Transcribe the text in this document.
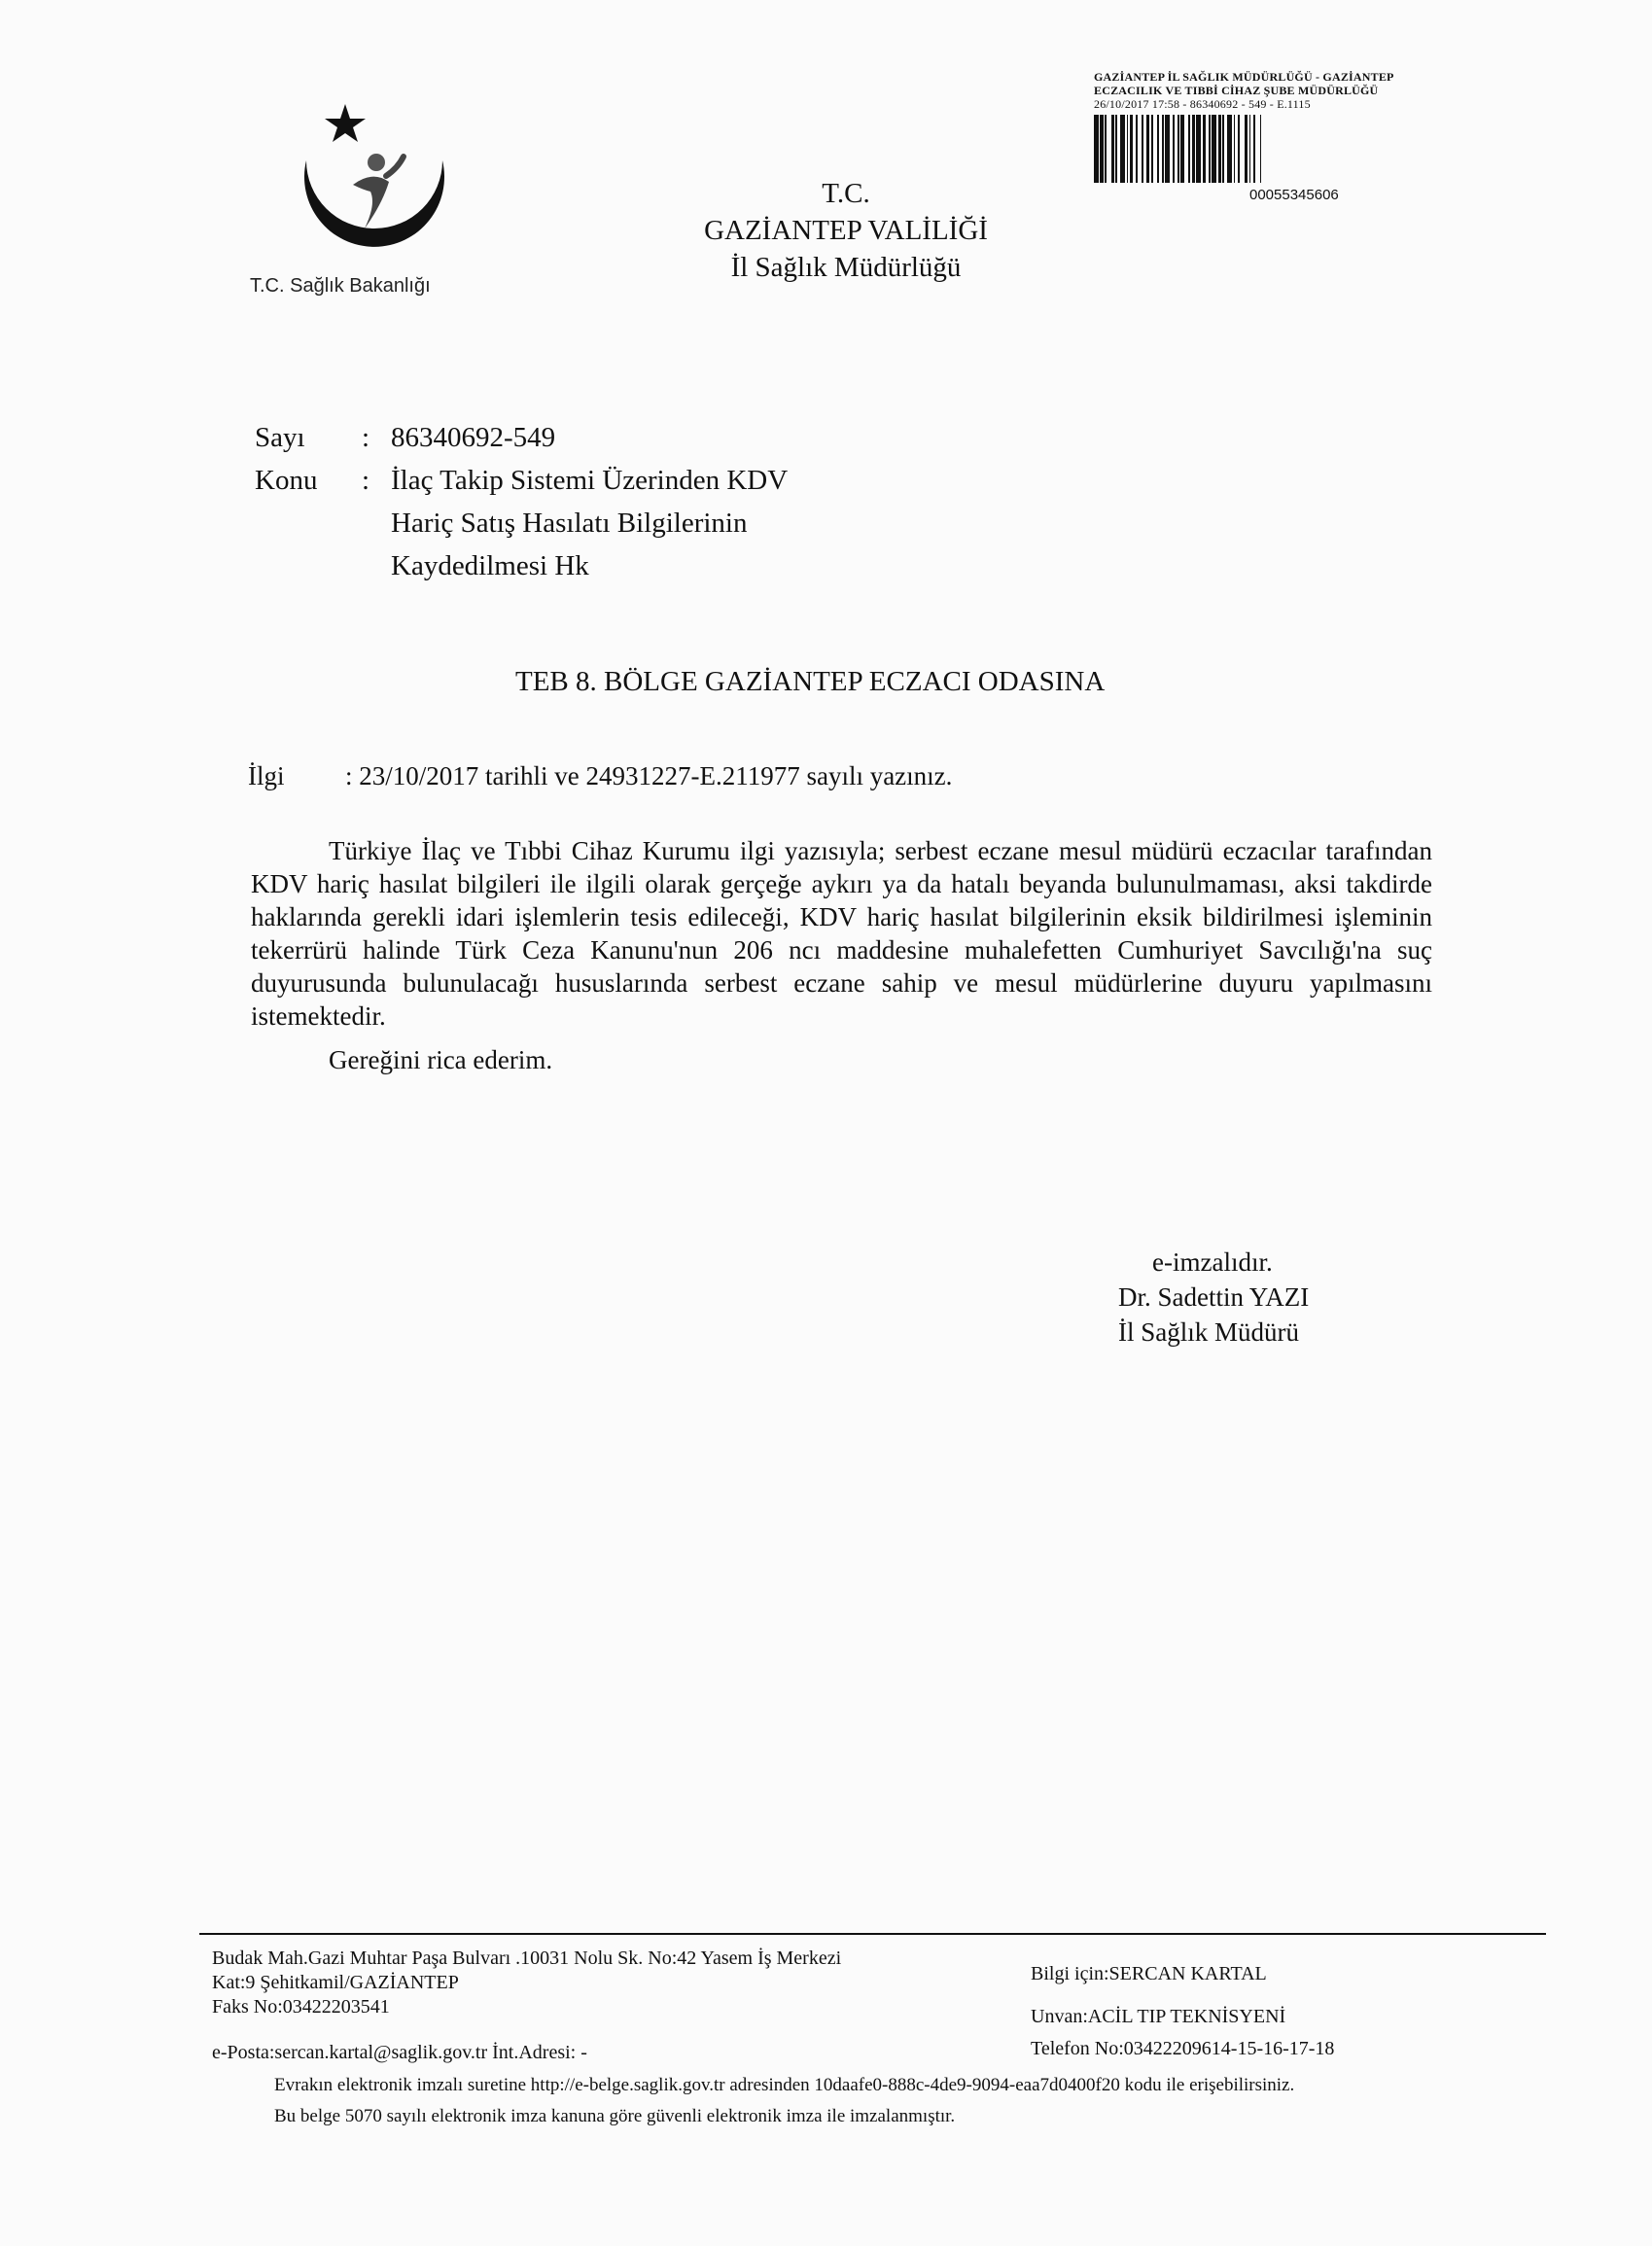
T.C. Sağlık Bakanlığı
T.C.
GAZİANTEP VALİLİĞİ
İl Sağlık Müdürlüğü
GAZİANTEP İL SAĞLIK MÜDÜRLÜĞÜ - GAZİANTEP
ECZACILIK VE TIBBİ CİHAZ ŞUBE MÜDÜRLÜĞÜ
26/10/2017 17:58 - 86340692 - 549 - E.1115
00055345606
Sayı	: 86340692-549
Konu	: İlaç Takip Sistemi Üzerinden KDV
Hariç Satış Hasılatı Bilgilerinin
Kaydedilmesi Hk
TEB 8. BÖLGE GAZİANTEP ECZACI ODASINA
İlgi	: 23/10/2017 tarihli ve 24931227-E.211977 sayılı yazınız.

Türkiye İlaç ve Tıbbi Cihaz Kurumu ilgi yazısıyla; serbest eczane mesul müdürü eczacılar tarafından KDV hariç hasılat bilgileri ile ilgili olarak gerçeğe aykırı ya da hatalı beyanda bulunulmaması, aksi takdirde haklarında gerekli idari işlemlerin tesis edileceği, KDV hariç hasılat bilgilerinin eksik bildirilmesi işleminin tekerrürü halinde Türk Ceza Kanunu'nun 206 ncı maddesine muhalefetten Cumhuriyet Savcılığı'na suç duyurusunda bulunulacağı hususlarında serbest eczane sahip ve mesul müdürlerine duyuru yapılmasını istemektedir.

Gereğini rica ederim.
e-imzalıdır.
Dr. Sadettin YAZI
İl Sağlık Müdürü
Budak Mah.Gazi Muhtar Paşa Bulvarı .10031 Nolu Sk. No:42 Yasem İş Merkezi
Kat:9 Şehitkamil/GAZİANTEP
Faks No:03422203541
Bilgi için:SERCAN KARTAL
Unvan:ACİL TIP TEKNİSYENİ
e-Posta:sercan.kartal@saglik.gov.tr İnt.Adresi: -	Telefon No:03422209614-15-16-17-18
Evrakın elektronik imzalı suretine http://e-belge.saglik.gov.tr adresinden 10daafe0-888c-4de9-9094-eaa7d0400f20 kodu ile erişebilirsiniz.
Bu belge 5070 sayılı elektronik imza kanuna göre güvenli elektronik imza ile imzalanmıştır.
